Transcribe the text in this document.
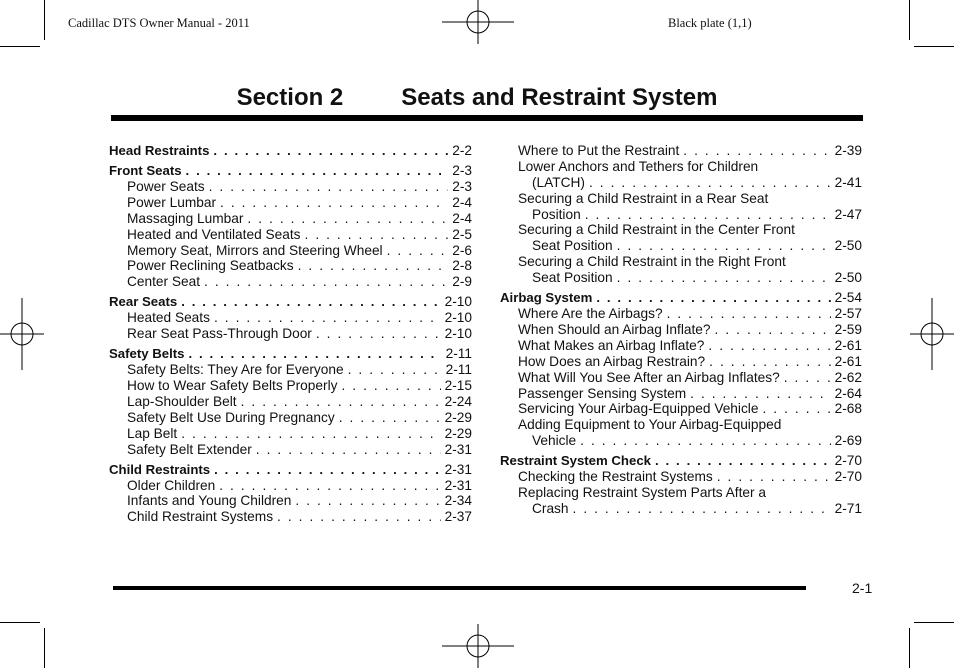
Cadillac DTS Owner Manual - 2011	Black plate (1,1)
Section 2 Seats and Restraint System
Head Restraints . . .	2-2
Front Seats . . .	2-3
Power Seats . . .	2-3
Power Lumbar . . .	2-4
Massaging Lumbar . . .	2-4
Heated and Ventilated Seats . . .	2-5
Memory Seat, Mirrors and Steering Wheel . . .	2-6
Power Reclining Seatbacks . . .	2-8
Center Seat . . .	2-9
Rear Seats . . .	2-10
Heated Seats . . .	2-10
Rear Seat Pass-Through Door . . .	2-10
Safety Belts . . .	2-11
Safety Belts: They Are for Everyone . . .	2-11
How to Wear Safety Belts Properly . . .	2-15
Lap-Shoulder Belt . . .	2-24
Safety Belt Use During Pregnancy . . .	2-29
Lap Belt . . .	2-29
Safety Belt Extender . . .	2-31
Child Restraints . . .	2-31
Older Children . . .	2-31
Infants and Young Children . . .	2-34
Child Restraint Systems . . .	2-37
Where to Put the Restraint . . .	2-39
Lower Anchors and Tethers for Children
(LATCH) . . .	2-41
Securing a Child Restraint in a Rear Seat
Position . . .	2-47
Securing a Child Restraint in the Center Front
Seat Position . . .	2-50
Securing a Child Restraint in the Right Front
Seat Position . . .	2-50
Airbag System . . .	2-54
Where Are the Airbags? . . .	2-57
When Should an Airbag Inflate? . . .	2-59
What Makes an Airbag Inflate? . . .	2-61
How Does an Airbag Restrain? . . .	2-61
What Will You See After an Airbag Inflates? . . .	2-62
Passenger Sensing System . . .	2-64
Servicing Your Airbag-Equipped Vehicle . . .	2-68
Adding Equipment to Your Airbag-Equipped
Vehicle . . .	2-69
Restraint System Check . . .	2-70
Checking the Restraint Systems . . .	2-70
Replacing Restraint System Parts After a
Crash . . .	2-71
2-1
